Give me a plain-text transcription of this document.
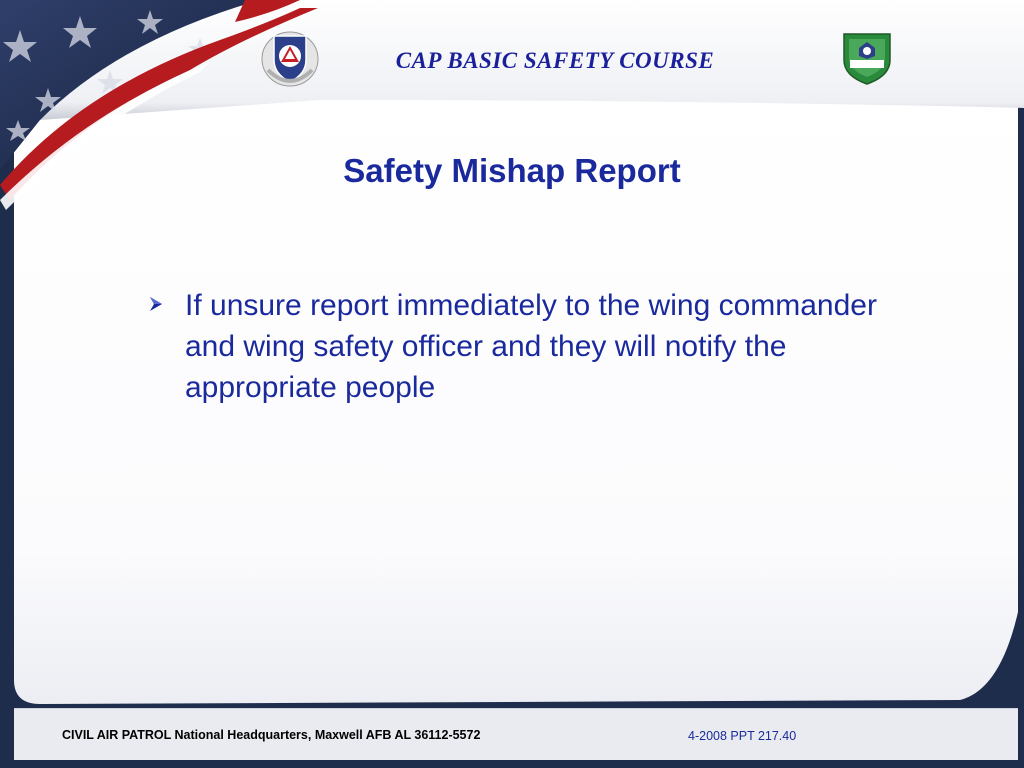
CAP BASIC SAFETY COURSE
Safety Mishap Report
If unsure report immediately to the wing commander and wing safety officer and they will notify the appropriate people
CIVIL AIR PATROL National Headquarters, Maxwell AFB AL 36112-5572	4-2008 PPT 217.40
